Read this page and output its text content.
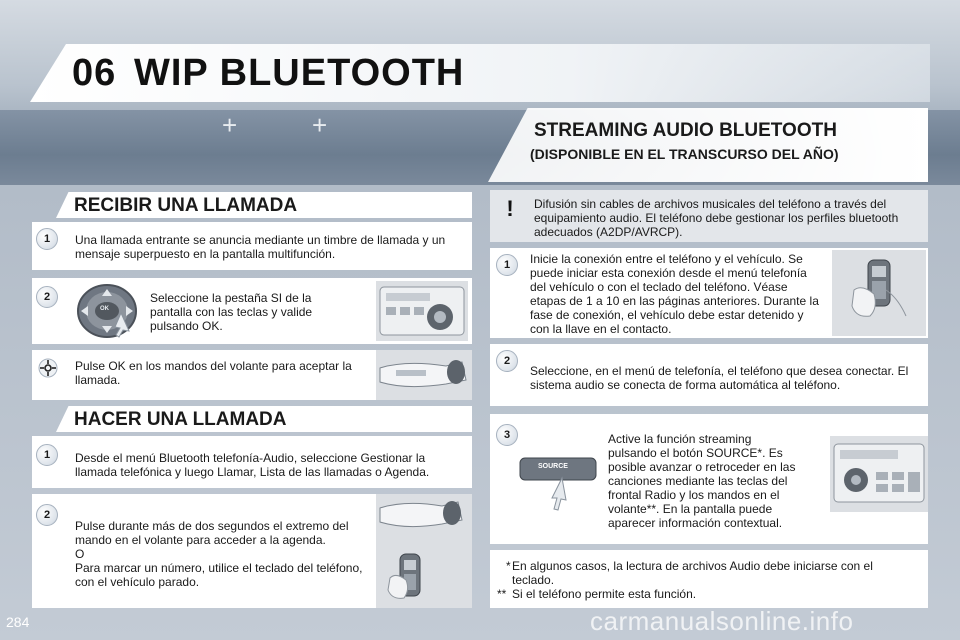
06 WIP BLUETOOTH
+	+	STREAMING AUDIO BLUETOOTH
(DISPONIBLE EN EL TRANSCURSO DEL AÑO)
RECIBIR UNA LLAMADA
1	Una llamada entrante se anuncia mediante un timbre de llamada y un mensaje superpuesto en la pantalla multifunción.
2
OK
Seleccione la pestaña SI de la pantalla con las teclas y valide pulsando OK.
Pulse OK en los mandos del volante para aceptar la llamada.
HACER UNA LLAMADA
1	Desde el menú Bluetooth telefonía-Audio, seleccione Gestionar la llamada telefónica y luego Llamar, Lista de las llamadas o Agenda.
2
Pulse durante más de dos segundos el extremo del mando en el volante para acceder a la agenda.
O
Para marcar un número, utilice el teclado del teléfono, con el vehículo parado.
!	Difusión sin cables de archivos musicales del teléfono a través del equipamiento audio. El teléfono debe gestionar los perfiles bluetooth adecuados (A2DP/AVRCP).
1	Inicie la conexión entre el teléfono y el vehículo. Se puede iniciar esta conexión desde el menú telefonía del vehículo o con el teclado del teléfono. Véase etapas de 1 a 10 en las páginas anteriores. Durante la fase de conexión, el vehículo debe estar detenido y con la llave en el contacto.
2
Seleccione, en el menú de telefonía, el teléfono que desea conectar. El sistema audio se conecta de forma automática al teléfono.
3
SOURCE
Active la función streaming pulsando el botón SOURCE*. Es posible avanzar o retroceder en las canciones mediante las teclas del frontal Radio y los mandos en el volante**. En la pantalla puede aparecer información contextual.
* En algunos casos, la lectura de archivos Audio debe iniciarse con el teclado.
** Si el teléfono permite esta función.
284	carmanualsonline.info
